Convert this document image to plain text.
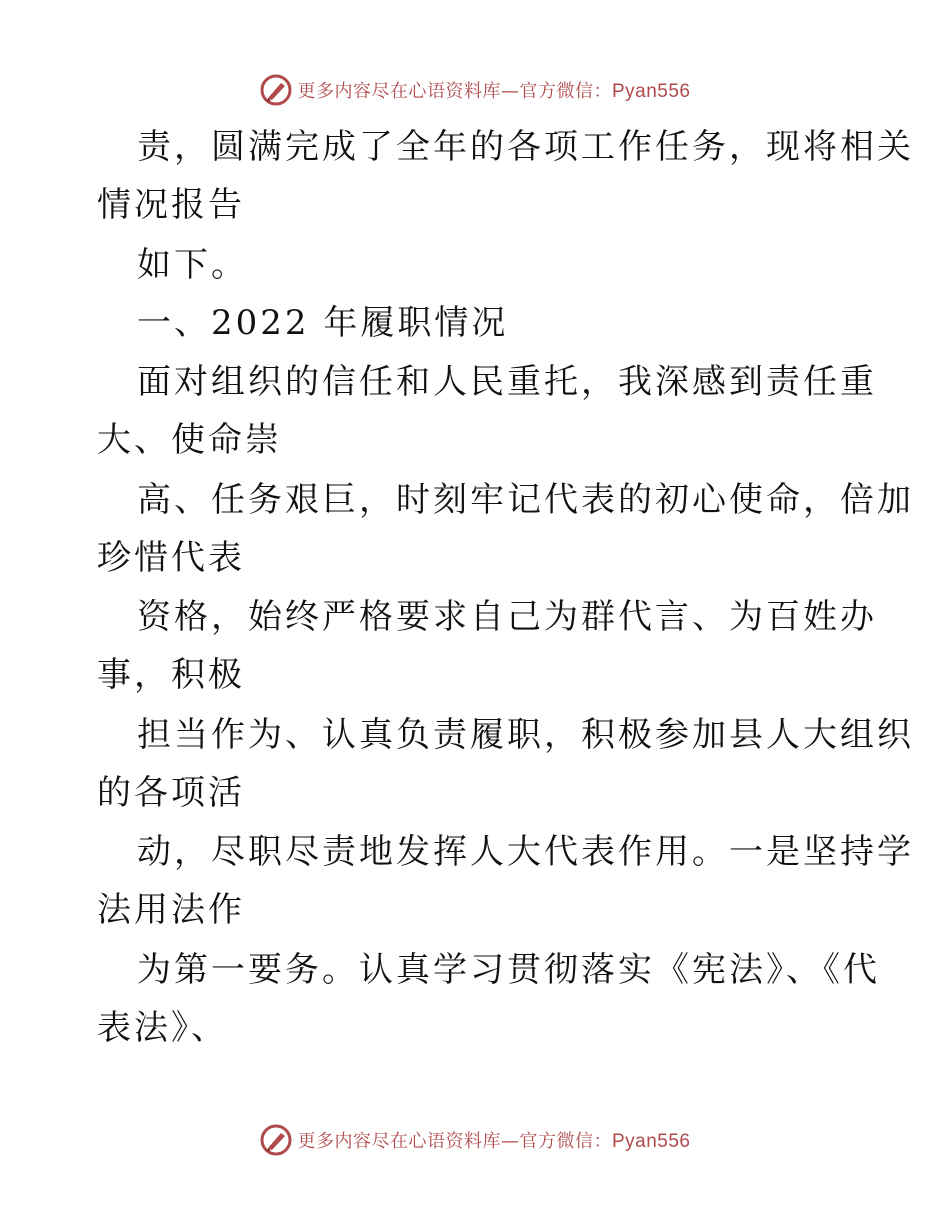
更多内容尽在心语资料库—官方微信：Pyan556
责，圆满完成了全年的各项工作任务，现将相关
情况报告
如下。
一、2022 年履职情况
面对组织的信任和人民重托，我深感到责任重
大、使命崇
高、任务艰巨，时刻牢记代表的初心使命，倍加
珍惜代表
资格，始终严格要求自己为群代言、为百姓办
事，积极
担当作为、认真负责履职，积极参加县人大组织
的各项活
动，尽职尽责地发挥人大代表作用。一是坚持学
法用法作
为第一要务。认真学习贯彻落实《宪法》、《代
表法》、
更多内容尽在心语资料库—官方微信：Pyan556
